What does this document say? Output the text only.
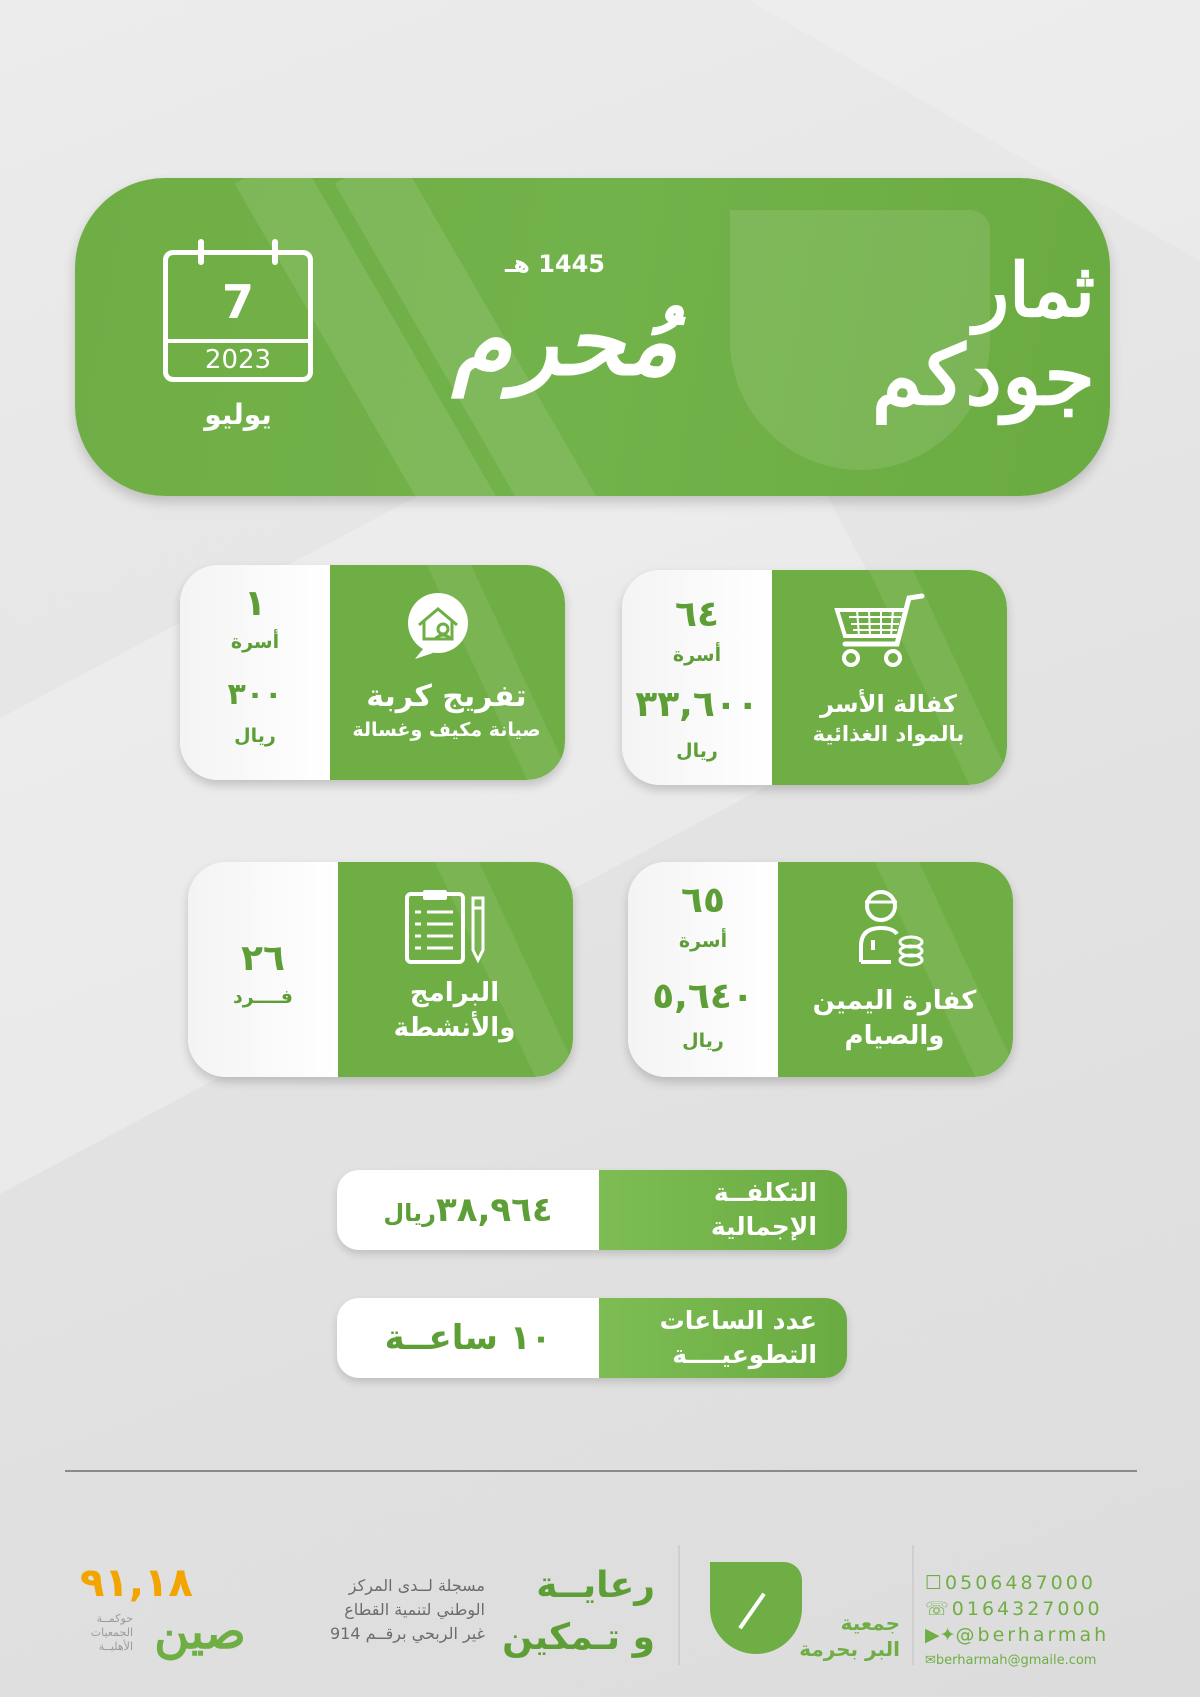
7
2023
يوليو
1445 هـ
مُحرم	ثمار
جودكم
كفالة الأسر
بالمواد الغذائية
٦٤
أسرة
٣٣,٦٠٠
ريال
تفريج كربة
صيانة مكيف وغسالة
١
أسرة
٣٠٠
ريال
كفارة اليمين
والصيام
٦٥
أسرة
٥,٦٤٠
ريال
البرامج
والأنشطة
٢٦
فــــرد
التكلفــة
الإجمالية
٣٨,٩٦٤ريال
عدد الساعات
التطوعيــــة
١٠ ساعــة
☐0506487000
☏0164327000
▶✦@berharmah
✉berharmah@gmaile.com
جمعية
البر بحرمة
رعايــة
و تـمكين
مسجلة لــدى المركز
الوطني لتنمية القطاع
غير الربحي برقــم 914
٩١,١٨
صين
حوكمــة
الجمعيات
الأهليــة
